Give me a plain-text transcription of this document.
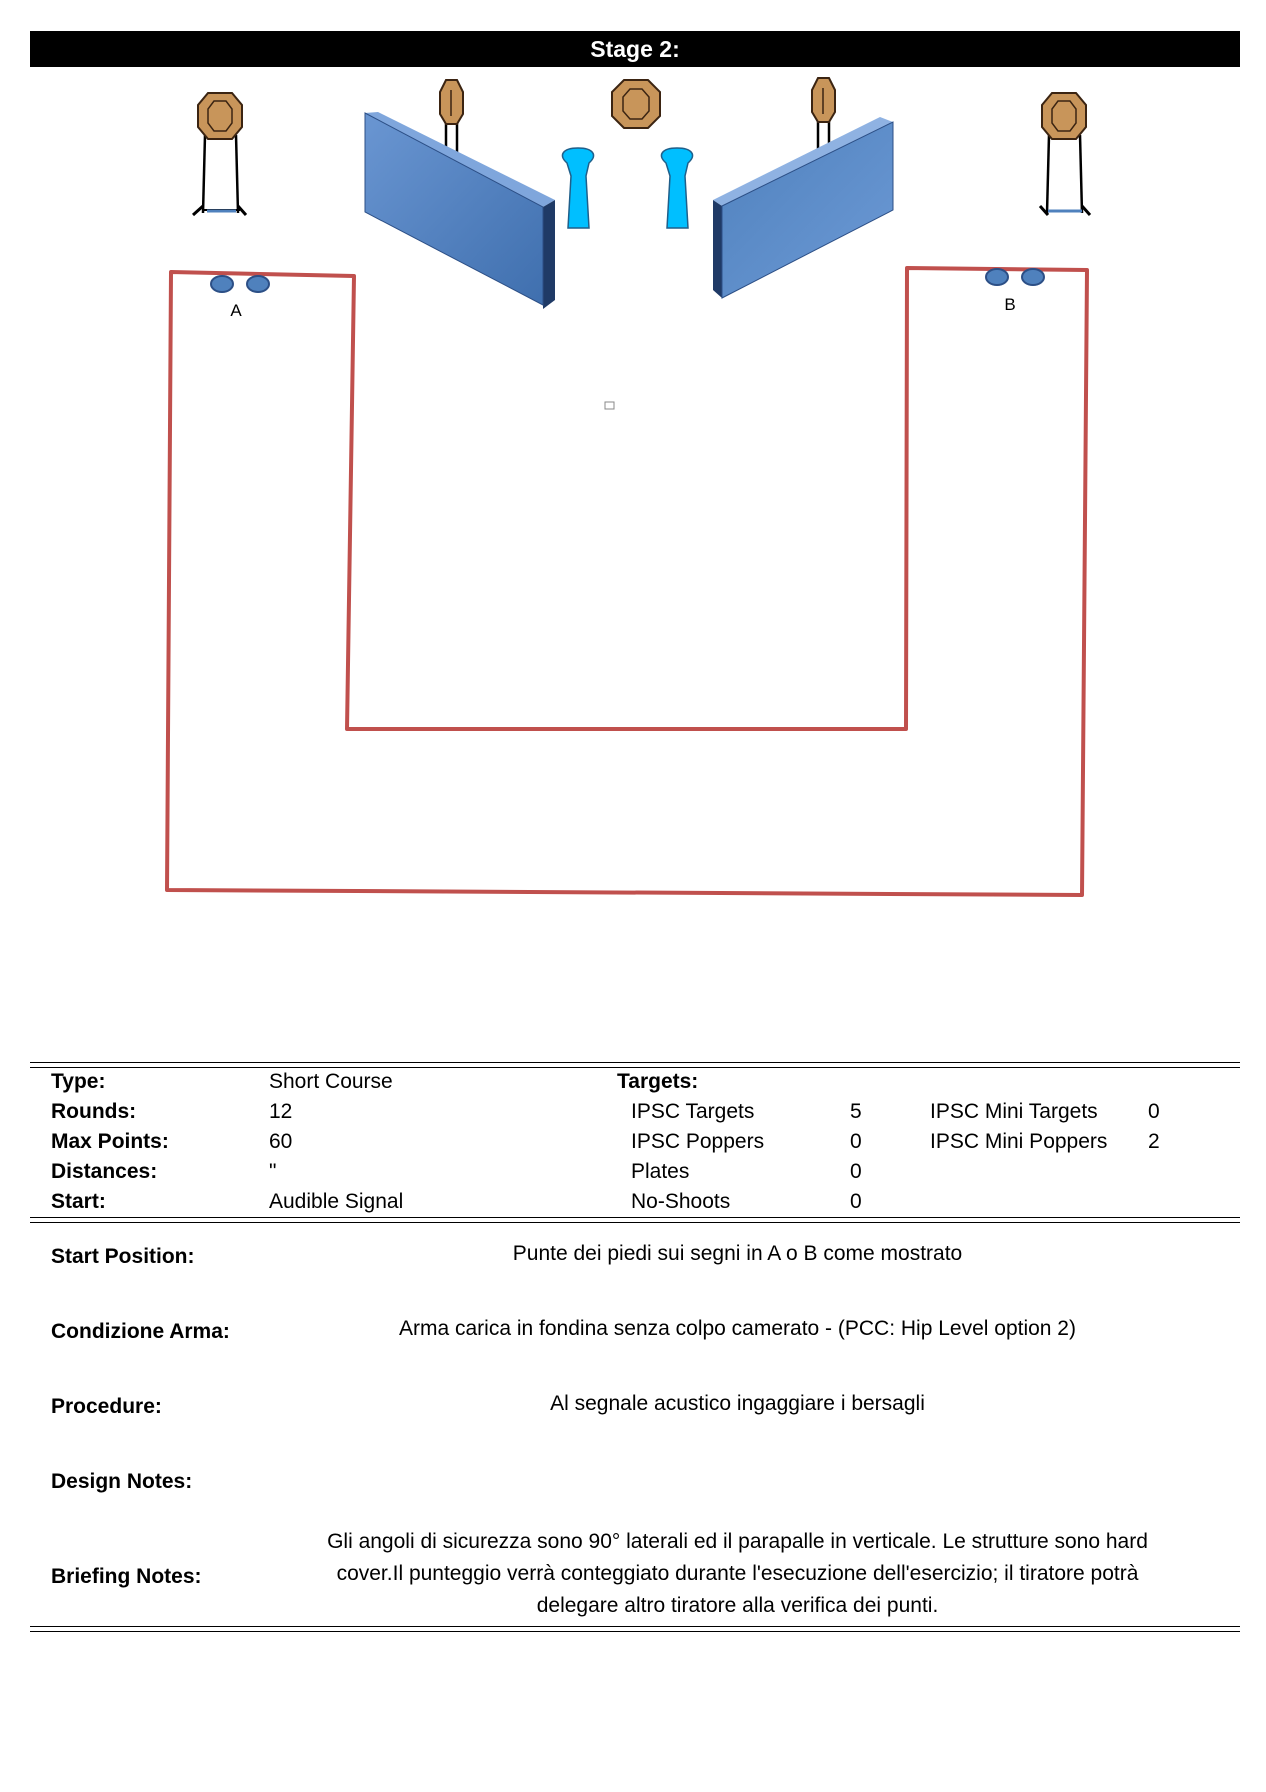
Stage 2:
A	B
Type:	Short Course	Targets:
Rounds:	12	IPSC Targets	5	IPSC Mini Targets 0
Max Points:	60	IPSC Poppers	0	IPSC Mini Poppers 2
Distances:	"	Plates	0
Start:	Audible Signal	No-Shoots	0
Start Position:	Punte dei piedi sui segni in A o B come mostrato
Condizione Arma:	Arma carica in fondina senza colpo camerato - (PCC: Hip Level option 2)
Procedure:	Al segnale acustico ingaggiare i bersagli
Design Notes:
Briefing Notes:
Gli angoli di sicurezza sono 90° laterali ed il parapalle in verticale. Le strutture sono hard
cover.Il punteggio verrà conteggiato durante l'esecuzione dell'esercizio; il tiratore potrà
delegare altro tiratore alla verifica dei punti.
